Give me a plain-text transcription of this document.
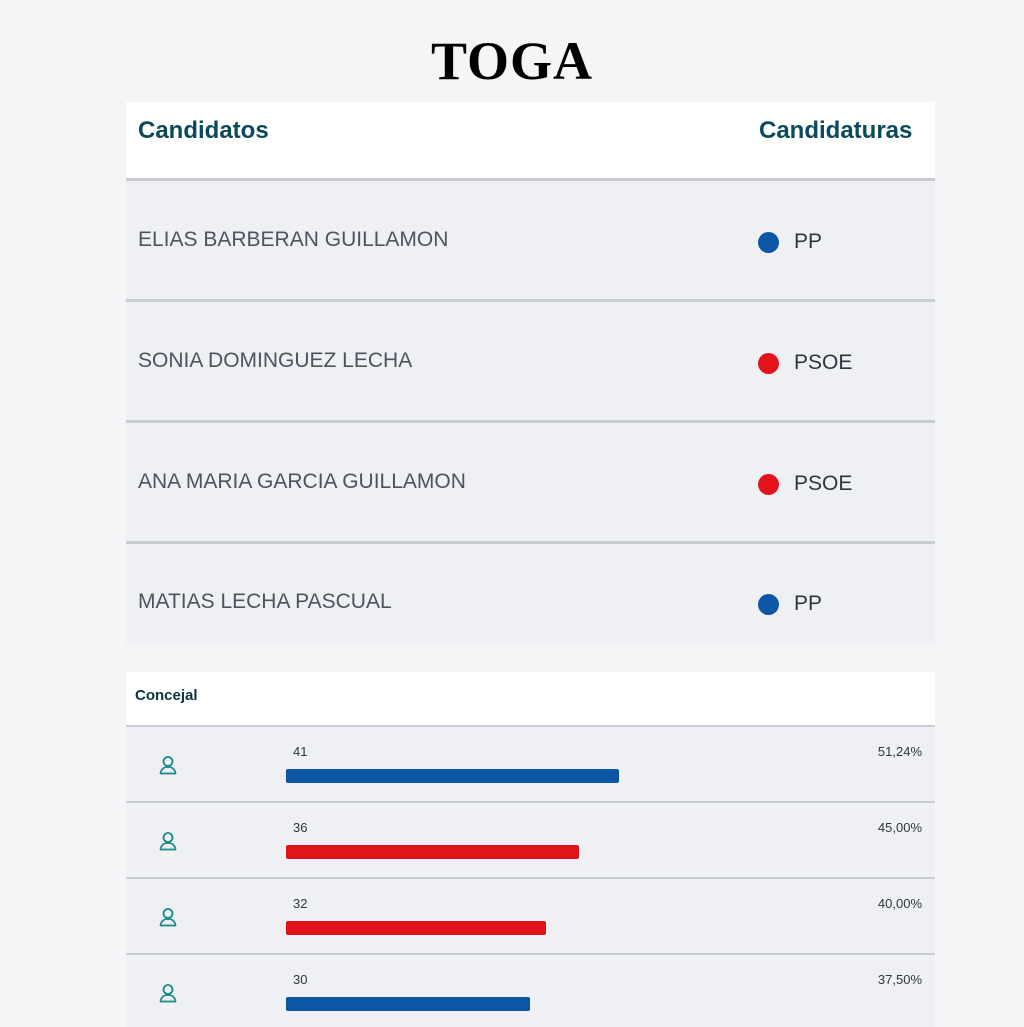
TOGA
Candidatos	Candidaturas
ELIAS BARBERAN GUILLAMON	PP
SONIA DOMINGUEZ LECHA	PSOE
ANA MARIA GARCIA GUILLAMON	PSOE
MATIAS LECHA PASCUAL	PP
Concejal
41	51,24%
36	45,00%
32	40,00%
30	37,50%
